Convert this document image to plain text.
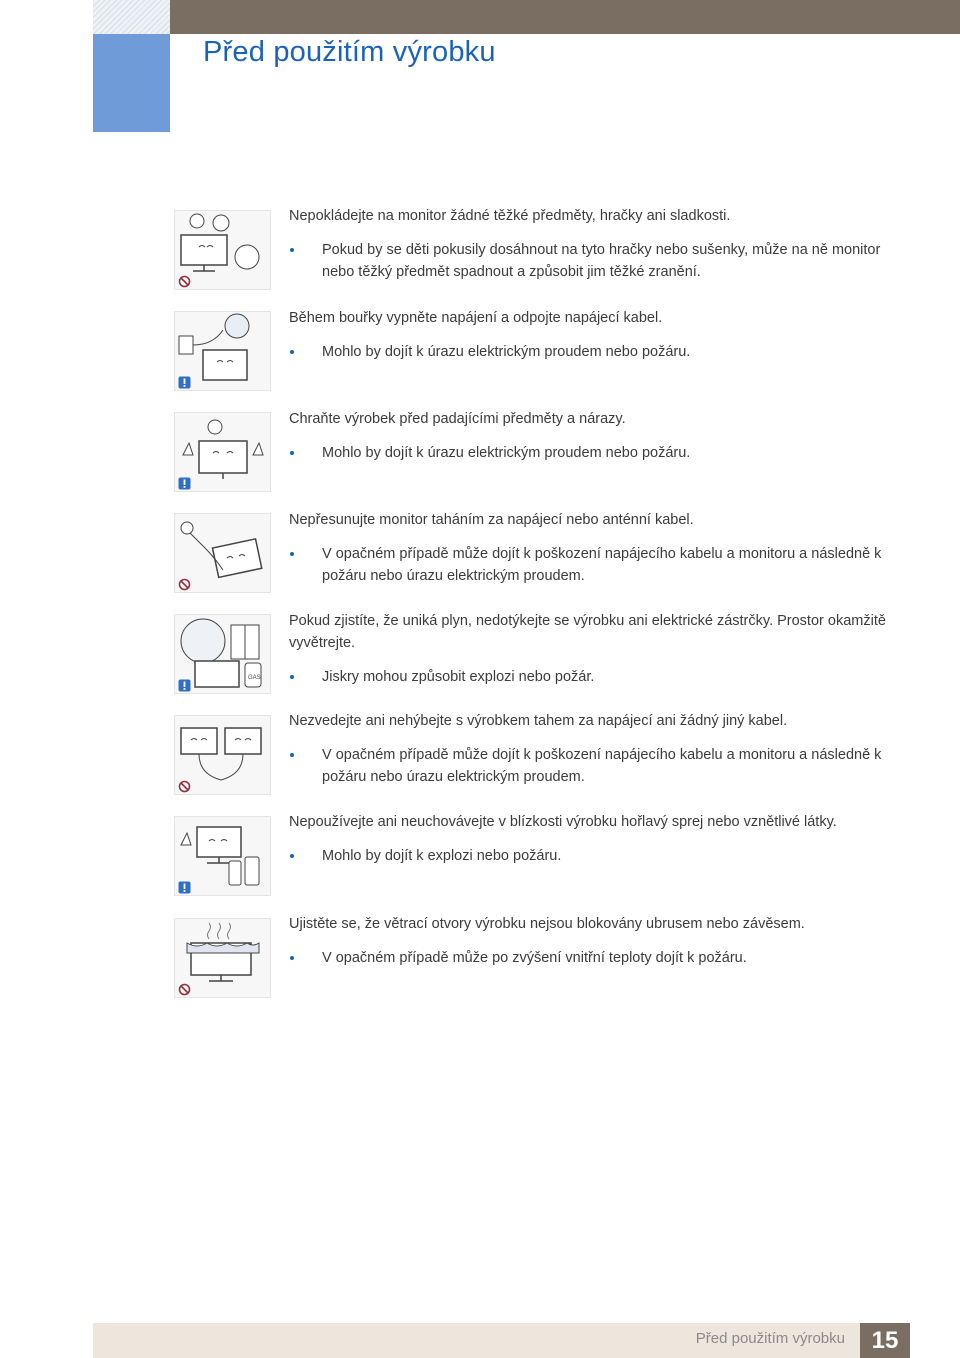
Před použitím výrobku

Nepokládejte na monitor žádné těžké předměty, hračky ani sladkosti.

Pokud by se děti pokusily dosáhnout na tyto hračky nebo sušenky, může na ně monitor nebo těžký předmět spadnout a způsobit jim těžké zranění.

Během bouřky vypněte napájení a odpojte napájecí kabel.

Mohlo by dojít k úrazu elektrickým proudem nebo požáru.

Chraňte výrobek před padajícími předměty a nárazy.

Mohlo by dojít k úrazu elektrickým proudem nebo požáru.

Nepřesunujte monitor taháním za napájecí nebo anténní kabel.

V opačném případě může dojít k poškození napájecího kabelu a monitoru a následně k požáru nebo úrazu elektrickým proudem.
GAS

Pokud zjistíte, že uniká plyn, nedotýkejte se výrobku ani elektrické zástrčky. Prostor okamžitě vyvětrejte.

Jiskry mohou způsobit explozi nebo požár.

Nezvedejte ani nehýbejte s výrobkem tahem za napájecí ani žádný jiný kabel.

V opačném případě může dojít k poškození napájecího kabelu a monitoru a následně k požáru nebo úrazu elektrickým proudem.

Nepoužívejte ani neuchovávejte v blízkosti výrobku hořlavý sprej nebo vznětlivé látky.

Mohlo by dojít k explozi nebo požáru.

Ujistěte se, že větrací otvory výrobku nejsou blokovány ubrusem nebo závěsem.

V opačném případě může po zvýšení vnitřní teploty dojít k požáru.
Před použitím výrobku	15
